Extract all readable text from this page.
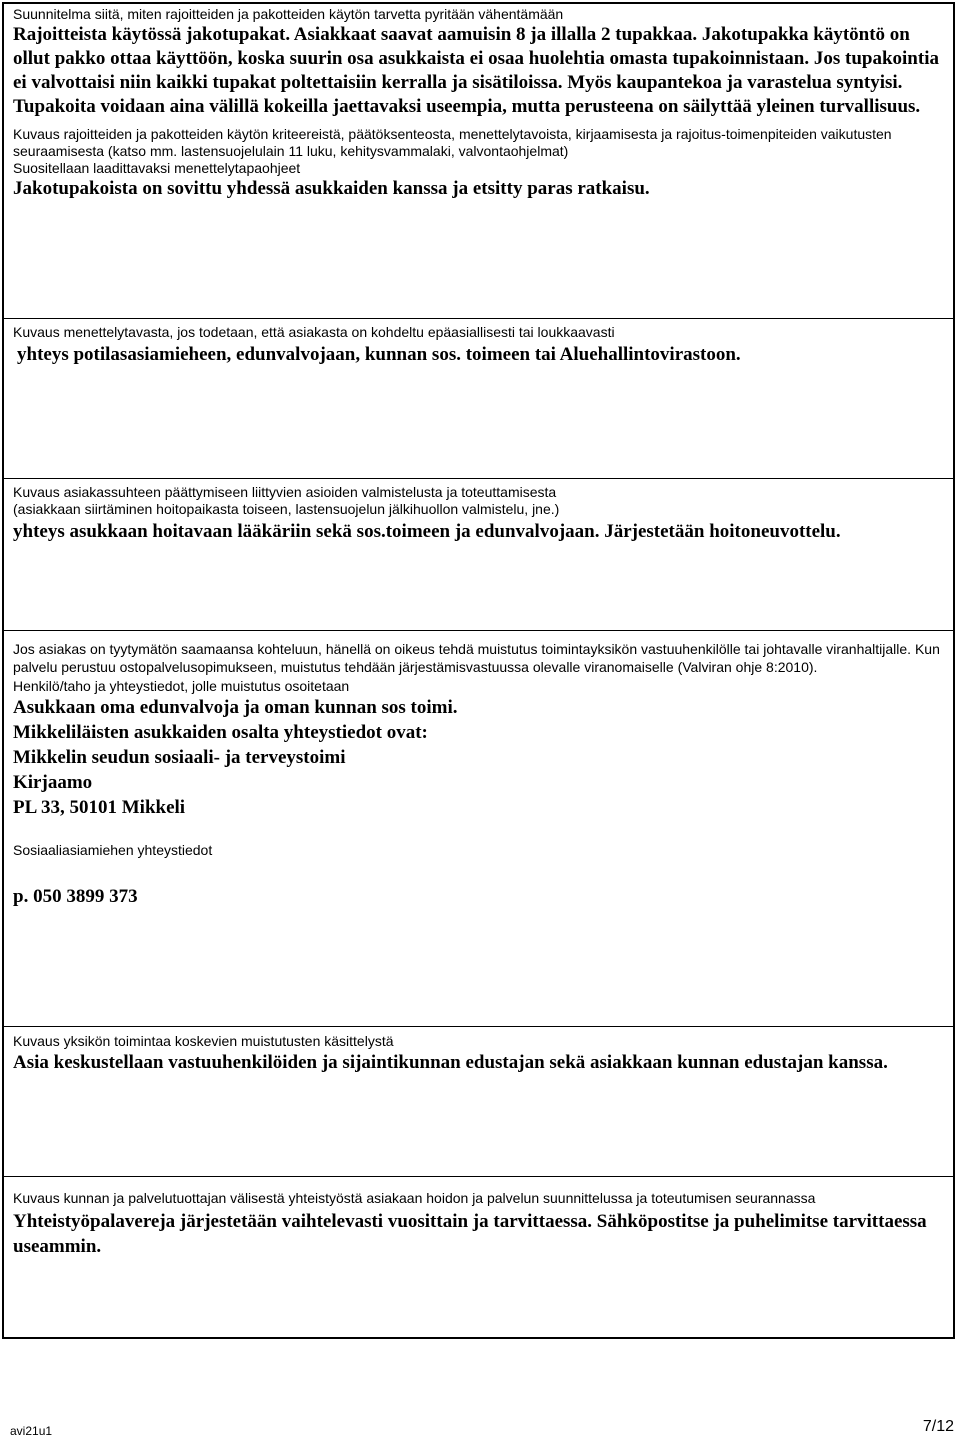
Suunnitelma siitä, miten rajoitteiden ja pakotteiden käytön tarvetta pyritään vähentämään

Rajoitteista käytössä jakotupakat. Asiakkaat saavat aamuisin 8 ja illalla 2 tupakkaa. Jakotupakka käytöntö on ollut pakko ottaa käyttöön, koska suurin osa asukkaista ei osaa huolehtia omasta tupakoinnistaan. Jos tupakointia ei valvottaisi niin kaikki tupakat poltettaisiin kerralla ja sisätiloissa. Myös kaupantekoa ja varastelua syntyisi. Tupakoita voidaan aina välillä kokeilla jaettavaksi useempia, mutta perusteena on säilyttää yleinen turvallisuus.

Kuvaus rajoitteiden ja pakotteiden käytön kriteereistä, päätöksenteosta, menettelytavoista, kirjaamisesta ja rajoitus-toimenpiteiden vaikutusten seuraamisesta (katso mm. lastensuojelulain 11 luku, kehitysvammalaki, valvontaohjelmat)

Suositellaan laadittavaksi menettelytapaohjeet

Jakotupakoista on sovittu yhdessä asukkaiden kanssa ja etsitty paras ratkaisu.

Kuvaus menettelytavasta, jos todetaan, että asiakasta on kohdeltu epäasiallisesti tai loukkaavasti

yhteys potilasasiamieheen, edunvalvojaan, kunnan sos. toimeen tai Aluehallintovirastoon.

Kuvaus asiakassuhteen päättymiseen liittyvien asioiden valmistelusta ja toteuttamisesta

(asiakkaan siirtäminen hoitopaikasta toiseen, lastensuojelun jälkihuollon valmistelu, jne.)

yhteys asukkaan hoitavaan lääkäriin sekä sos.toimeen ja edunvalvojaan. Järjestetään hoitoneuvottelu.

Jos asiakas on tyytymätön saamaansa kohteluun, hänellä on oikeus tehdä muistutus toimintayksikön vastuuhenkilölle tai johtavalle viranhaltijalle. Kun palvelu perustuu ostopalvelusopimukseen, muistutus tehdään järjestämisvastuussa olevalle viranomaiselle (Valviran ohje 8:2010).

Henkilö/taho ja yhteystiedot, jolle muistutus osoitetaan

Asukkaan oma edunvalvoja ja oman kunnan sos toimi.

Mikkeliläisten asukkaiden osalta yhteystiedot ovat:

Mikkelin seudun sosiaali- ja terveystoimi

Kirjaamo

PL 33, 50101 Mikkeli

Sosiaaliasiamiehen yhteystiedot

p. 050 3899 373

Kuvaus yksikön toimintaa koskevien muistutusten käsittelystä

Asia keskustellaan vastuuhenkilöiden ja sijaintikunnan edustajan sekä asiakkaan kunnan edustajan kanssa.

Kuvaus kunnan ja palvelutuottajan välisestä yhteistyöstä asiakaan hoidon ja palvelun suunnittelussa ja toteutumisen seurannassa

Yhteistyöpalavereja järjestetään vaihtelevasti vuosittain ja tarvittaessa. Sähköpostitse ja puhelimitse tarvittaessa useammin.

avi21u1	7/12
